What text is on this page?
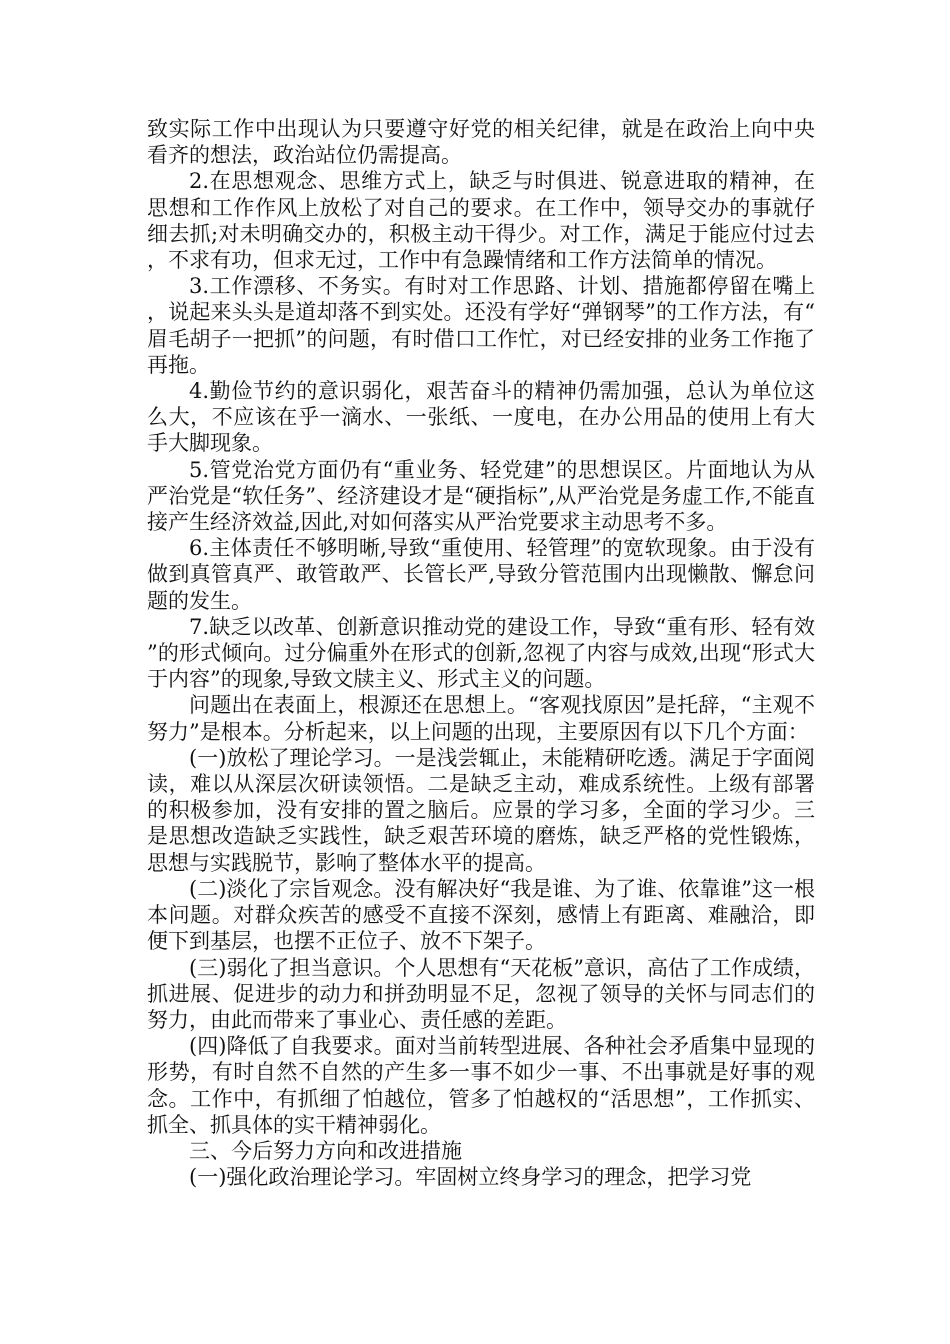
致实际工作中出现认为只要遵守好党的相关纪律，就是在政治上向中央看齐的想法，政治站位仍需提高。

2.在思想观念、思维方式上，缺乏与时俱进、锐意进取的精神，在思想和工作作风上放松了对自己的要求。在工作中，领导交办的事就仔细去抓;对未明确交办的，积极主动干得少。对工作，满足于能应付过去，不求有功，但求无过，工作中有急躁情绪和工作方法简单的情况。

3.工作漂移、不务实。有时对工作思路、计划、措施都停留在嘴上，说起来头头是道却落不到实处。还没有学好“弹钢琴”的工作方法，有“眉毛胡子一把抓”的问题，有时借口工作忙，对已经安排的业务工作拖了再拖。

4.勤俭节约的意识弱化，艰苦奋斗的精神仍需加强，总认为单位这么大，不应该在乎一滴水、一张纸、一度电，在办公用品的使用上有大手大脚现象。

5.管党治党方面仍有“重业务、轻党建”的思想误区。片面地认为从严治党是“软任务”、经济建设才是“硬指标”,从严治党是务虚工作,不能直接产生经济效益,因此,对如何落实从严治党要求主动思考不多。

6.主体责任不够明晰,导致“重使用、轻管理”的宽软现象。由于没有做到真管真严、敢管敢严、长管长严,导致分管范围内出现懒散、懈怠问题的发生。

7.缺乏以改革、创新意识推动党的建设工作，导致“重有形、轻有效”的形式倾向。过分偏重外在形式的创新,忽视了内容与成效,出现“形式大于内容”的现象,导致文牍主义、形式主义的问题。

问题出在表面上，根源还在思想上。“客观找原因”是托辞，“主观不努力”是根本。分析起来，以上问题的出现，主要原因有以下几个方面：

(一)放松了理论学习。一是浅尝辄止，未能精研吃透。满足于字面阅读，难以从深层次研读领悟。二是缺乏主动，难成系统性。上级有部署的积极参加，没有安排的置之脑后。应景的学习多，全面的学习少。三是思想改造缺乏实践性，缺乏艰苦环境的磨炼，缺乏严格的党性锻炼，思想与实践脱节，影响了整体水平的提高。

(二)淡化了宗旨观念。没有解决好“我是谁、为了谁、依靠谁”这一根本问题。对群众疾苦的感受不直接不深刻，感情上有距离、难融洽，即便下到基层，也摆不正位子、放不下架子。

(三)弱化了担当意识。个人思想有“天花板”意识，高估了工作成绩，抓进展、促进步的动力和拼劲明显不足，忽视了领导的关怀与同志们的努力，由此而带来了事业心、责任感的差距。

(四)降低了自我要求。面对当前转型进展、各种社会矛盾集中显现的形势，有时自然不自然的产生多一事不如少一事、不出事就是好事的观念。工作中，有抓细了怕越位，管多了怕越权的“活思想”，工作抓实、抓全、抓具体的实干精神弱化。

三、今后努力方向和改进措施

(一)强化政治理论学习。牢固树立终身学习的理念，把学习党
